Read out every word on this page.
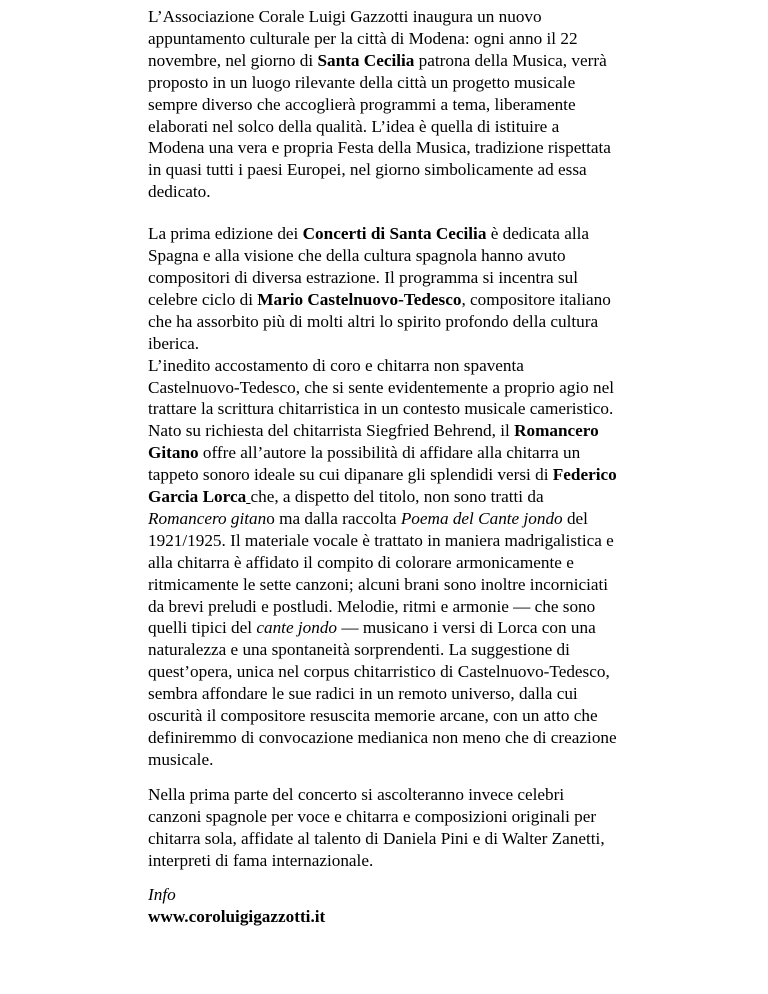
L’Associazione Corale Luigi Gazzotti inaugura un nuovo appuntamento culturale per la città di Modena: ogni anno il 22 novembre, nel giorno di Santa Cecilia patrona della Musica, verrà proposto in un luogo rilevante della città un progetto musicale sempre diverso che accoglierà programmi a tema, liberamente elaborati nel solco della qualità. L’idea è quella di istituire a Modena una vera e propria Festa della Musica, tradizione rispettata in quasi tutti i paesi Europei, nel giorno simbolicamente ad essa dedicato.

La prima edizione dei Concerti di Santa Cecilia è dedicata alla Spagna e alla visione che della cultura spagnola hanno avuto compositori di diversa estrazione. Il programma si incentra sul celebre ciclo di Mario Castelnuovo-Tedesco, compositore italiano che ha assorbito più di molti altri lo spirito profondo della cultura iberica.

L’inedito accostamento di coro e chitarra non spaventa Castelnuovo-Tedesco, che si sente evidentemente a proprio agio nel trattare la scrittura chitarristica in un contesto musicale cameristico. Nato su richiesta del chitarrista Siegfried Behrend, il Romancero Gitano offre all’autore la possibilità di affidare alla chitarra un tappeto sonoro ideale su cui dipanare gli splendidi versi di Federico Garcia Lorca che, a dispetto del titolo, non sono tratti da Romancero gitano ma dalla raccolta Poema del Cante jondo del 1921/1925. Il materiale vocale è trattato in maniera madrigalistica e alla chitarra è affidato il compito di colorare armonicamente e ritmicamente le sette canzoni; alcuni brani sono inoltre incorniciati da brevi preludi e postludi. Melodie, ritmi e armonie — che sono quelli tipici del cante jondo — musicano i versi di Lorca con una naturalezza e una spontaneità sorprendenti. La suggestione di quest’opera, unica nel corpus chitarristico di Castelnuovo-Tedesco, sembra affondare le sue radici in un remoto universo, dalla cui oscurità il compositore resuscita memorie arcane, con un atto che definiremmo di convocazione medianica non meno che di creazione musicale.

Nella prima parte del concerto si ascolteranno invece celebri canzoni spagnole per voce e chitarra e composizioni originali per chitarra sola, affidate al talento di Daniela Pini e di Walter Zanetti, interpreti di fama internazionale.

Info
www.coroluigigazzotti.it
